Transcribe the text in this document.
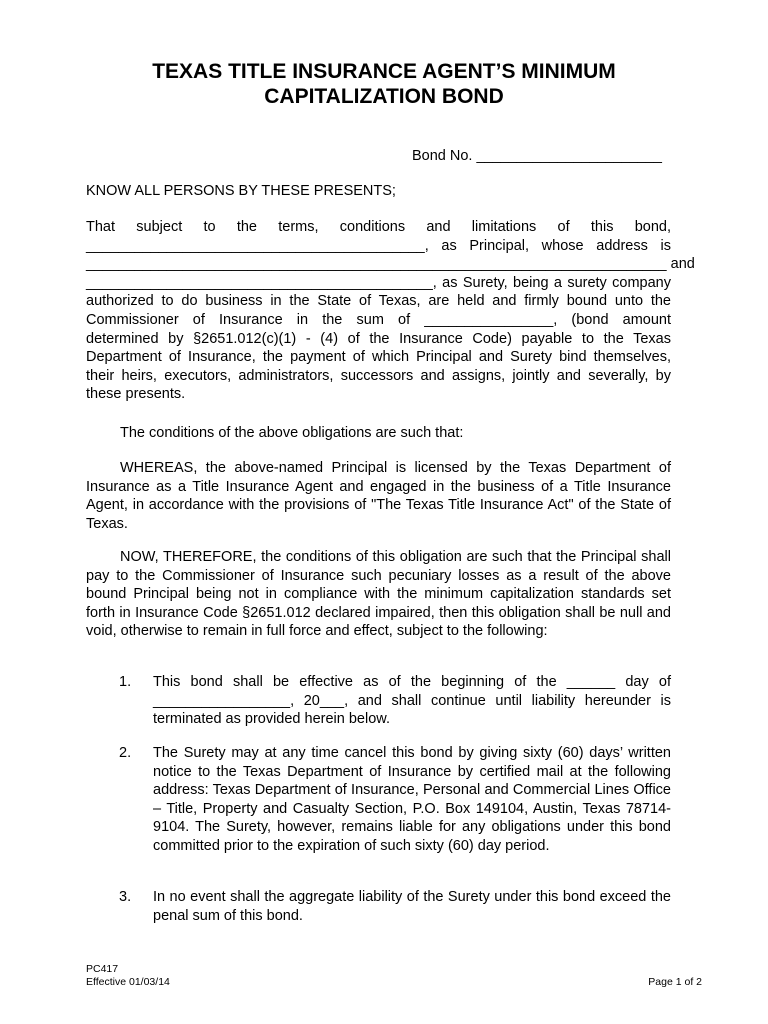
TEXAS TITLE INSURANCE AGENT’S MINIMUM
CAPITALIZATION BOND
Bond No. _______________________
KNOW ALL PERSONS BY THESE PRESENTS;
That subject to the terms, conditions and limitations of this bond,
__________________________________________, as Principal, whose address is
________________________________________________________________________ and
___________________________________________, as Surety, being a surety company
authorized to do business in the State of Texas, are held and firmly bound unto the
Commissioner of Insurance in the sum of ________________, (bond amount
determined by §2651.012(c)(1) - (4) of the Insurance Code) payable to the Texas
Department of Insurance, the payment of which Principal and Surety bind themselves,
their heirs, executors, administrators, successors and assigns, jointly and severally, by
these presents.

The conditions of the above obligations are such that:

WHEREAS, the above-named Principal is licensed by the Texas Department of Insurance as a Title Insurance Agent and engaged in the business of a Title Insurance Agent, in accordance with the provisions of "The Texas Title Insurance Act" of the State of Texas.

NOW, THEREFORE, the conditions of this obligation are such that the Principal shall pay to the Commissioner of Insurance such pecuniary losses as a result of the above bound Principal being not in compliance with the minimum capitalization standards set forth in Insurance Code §2651.012 declared impaired, then this obligation shall be null and void, otherwise to remain in full force and effect, subject to the following:

1. This bond shall be effective as of the beginning of the ______ day of _________________, 20___, and shall continue until liability hereunder is terminated as provided herein below.
2. The Surety may at any time cancel this bond by giving sixty (60) days’ written notice to the Texas Department of Insurance by certified mail at the following address: Texas Department of Insurance, Personal and Commercial Lines Office – Title, Property and Casualty Section, P.O. Box 149104, Austin, Texas 78714-9104. The Surety, however, remains liable for any obligations under this bond committed prior to the expiration of such sixty (60) day period.
3. In no event shall the aggregate liability of the Surety under this bond exceed the penal sum of this bond.
PC417
Effective 01/03/14	Page 1 of 2
